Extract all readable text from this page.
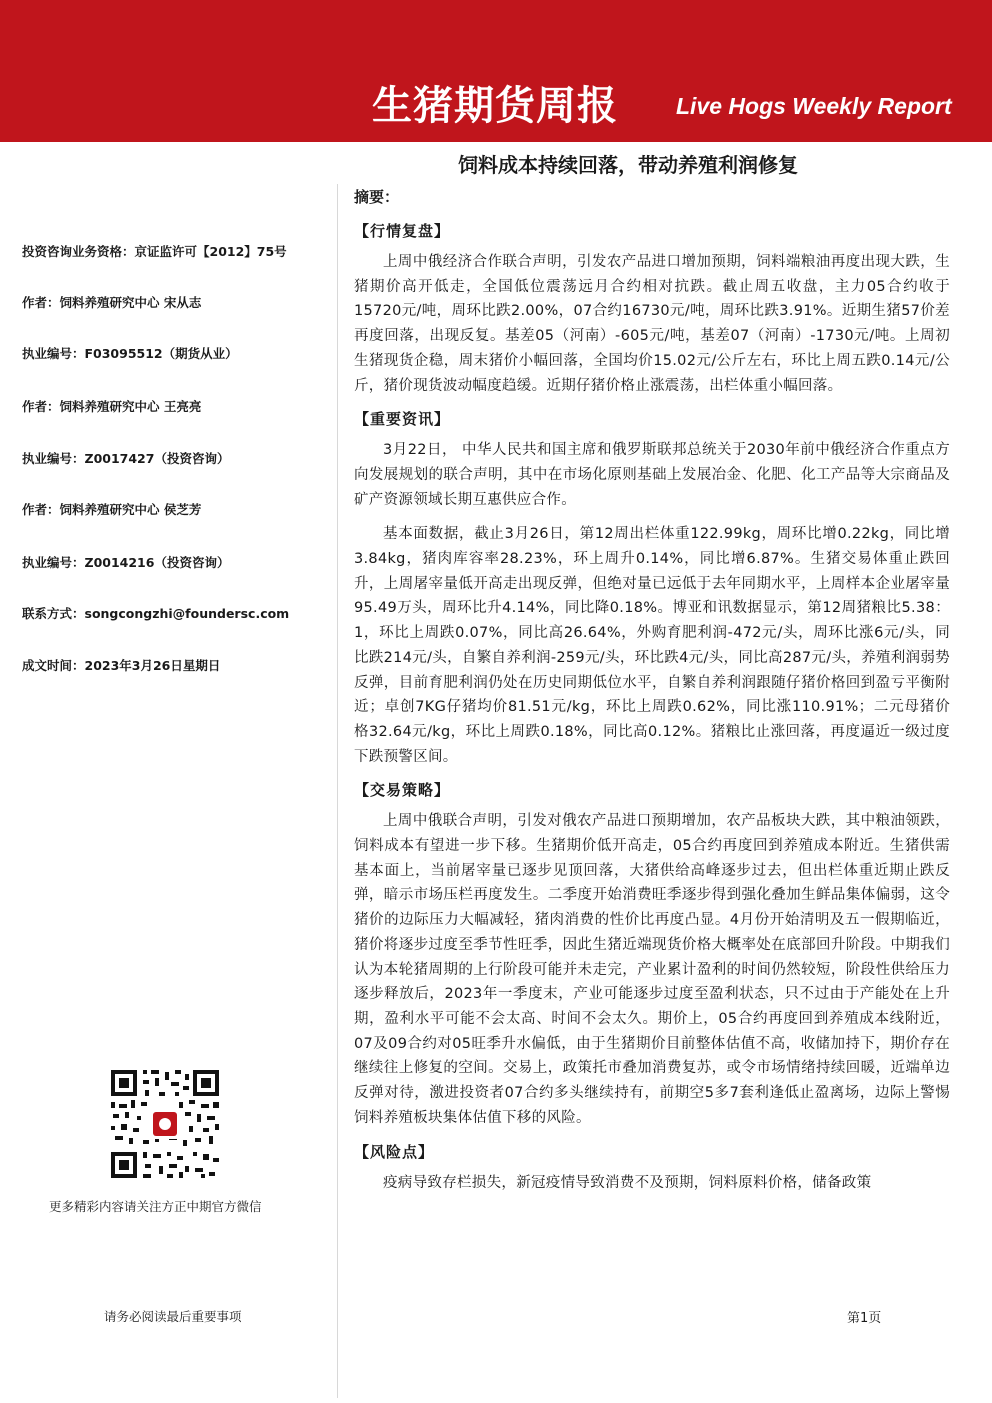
生猪期货周报	Live Hogs Weekly Report
饲料成本持续回落，带动养殖利润修复
投资咨询业务资格：京证监许可【2012】75号
作者：饲料养殖研究中心 宋从志
执业编号：F03095512（期货从业）
作者：饲料养殖研究中心 王亮亮
执业编号：Z0017427（投资咨询）
作者：饲料养殖研究中心 侯芝芳
执业编号：Z0014216（投资咨询）
联系方式：songcongzhi@foundersc.com
成文时间：2023年3月26日星期日
更多精彩内容请关注方正中期官方微信
请务必阅读最后重要事项
摘要：
【行情复盘】

上周中俄经济合作联合声明，引发农产品进口增加预期，饲料端粮油再度出现大跌，生猪期价高开低走，全国低位震荡远月合约相对抗跌。截止周五收盘，主力05合约收于15720元/吨，周环比跌2.00%，07合约16730元/吨，周环比跌3.91%。近期生猪57价差再度回落，出现反复。基差05（河南）-605元/吨，基差07（河南）-1730元/吨。上周初生猪现货企稳，周末猪价小幅回落，全国均价15.02元/公斤左右，环比上周五跌0.14元/公斤，猪价现货波动幅度趋缓。近期仔猪价格止涨震荡，出栏体重小幅回落。

【重要资讯】

3月22日， 中华人民共和国主席和俄罗斯联邦总统关于2030年前中俄经济合作重点方向发展规划的联合声明，其中在市场化原则基础上发展冶金、化肥、化工产品等大宗商品及矿产资源领域长期互惠供应合作。

基本面数据，截止3月26日，第12周出栏体重122.99kg，周环比增0.22kg，同比增3.84kg，猪肉库容率28.23%，环上周升0.14%，同比增6.87%。生猪交易体重止跌回升，上周屠宰量低开高走出现反弹，但绝对量已远低于去年同期水平，上周样本企业屠宰量95.49万头，周环比升4.14%，同比降0.18%。博亚和讯数据显示，第12周猪粮比5.38：1，环比上周跌0.07%，同比高26.64%，外购育肥利润-472元/头，周环比涨6元/头，同比跌214元/头，自繁自养利润-259元/头，环比跌4元/头，同比高287元/头，养殖利润弱势反弹，目前育肥利润仍处在历史同期低位水平，自繁自养利润跟随仔猪价格回到盈亏平衡附近；卓创7KG仔猪均价81.51元/kg，环比上周跌0.62%，同比涨110.91%；二元母猪价格32.64元/kg，环比上周跌0.18%，同比高0.12%。猪粮比止涨回落，再度逼近一级过度下跌预警区间。

【交易策略】

上周中俄联合声明，引发对俄农产品进口预期增加，农产品板块大跌，其中粮油领跌，饲料成本有望进一步下移。生猪期价低开高走，05合约再度回到养殖成本附近。生猪供需基本面上，当前屠宰量已逐步见顶回落，大猪供给高峰逐步过去，但出栏体重近期止跌反弹，暗示市场压栏再度发生。二季度开始消费旺季逐步得到强化叠加生鲜品集体偏弱，这令猪价的边际压力大幅减轻，猪肉消费的性价比再度凸显。4月份开始清明及五一假期临近，猪价将逐步过度至季节性旺季，因此生猪近端现货价格大概率处在底部回升阶段。中期我们认为本轮猪周期的上行阶段可能并未走完，产业累计盈利的时间仍然较短，阶段性供给压力逐步释放后，2023年一季度末，产业可能逐步过度至盈利状态，只不过由于产能处在上升期，盈利水平可能不会太高、时间不会太久。期价上，05合约再度回到养殖成本线附近，07及09合约对05旺季升水偏低，由于生猪期价目前整体估值不高，收储加持下，期价存在继续往上修复的空间。交易上，政策托市叠加消费复苏，或令市场情绪持续回暖，近端单边反弹对待，激进投资者07合约多头继续持有，前期空5多7套利逢低止盈离场，边际上警惕饲料养殖板块集体估值下移的风险。

【风险点】

疫病导致存栏损失，新冠疫情导致消费不及预期，饲料原料价格，储备政策

第1页
